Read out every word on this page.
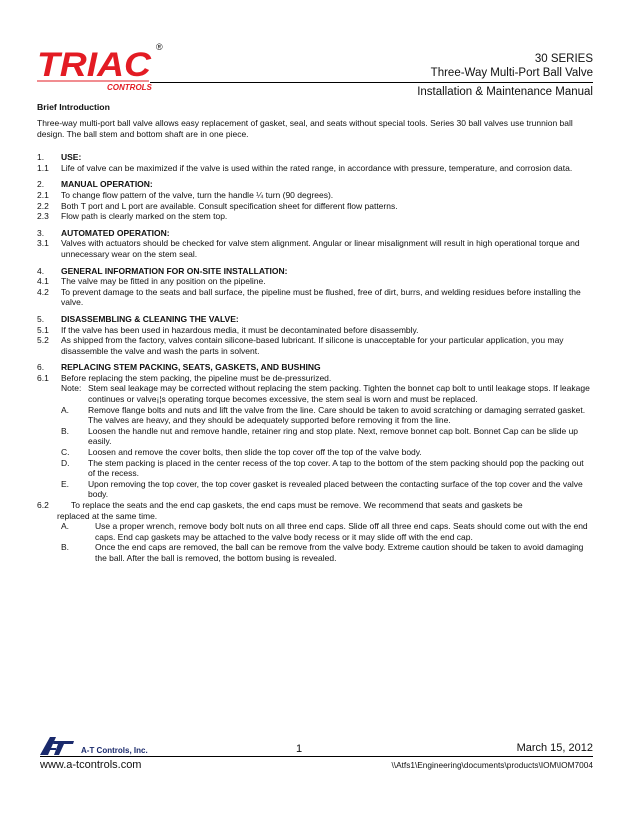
TRIAC ®
CONTROLS
30 SERIES
Three-Way Multi-Port Ball Valve
Installation & Maintenance Manual
Brief Introduction

Three-way multi-port ball valve allows easy replacement of gasket, seal, and seats without special tools. Series 30 ball valves use trunnion ball design. The ball stem and bottom shaft are in one piece.

1.	USE:
1.1	Life of valve can be maximized if the valve is used within the rated range, in accordance with pressure, temperature, and corrosion data.
2.	MANUAL OPERATION:
2.1	To change flow pattern of the valve, turn the handle ¼ turn (90 degrees).
2.2	Both T port and L port are available. Consult specification sheet for different flow patterns.
2.3	Flow path is clearly marked on the stem top.
3.	AUTOMATED OPERATION:
3.1	Valves with actuators should be checked for valve stem alignment. Angular or linear misalignment will result in high operational torque and unnecessary wear on the stem seal.
4.	GENERAL INFORMATION FOR ON-SITE INSTALLATION:
4.1	The valve may be fitted in any position on the pipeline.
4.2	To prevent damage to the seats and ball surface, the pipeline must be flushed, free of dirt, burrs, and welding residues before installing the valve.
5.	DISASSEMBLING & CLEANING THE VALVE:
5.1	If the valve has been used in hazardous media, it must be decontaminated before disassembly.
5.2	As shipped from the factory, valves contain silicone-based lubricant. If silicone is unacceptable for your particular application, you may disassemble the valve and wash the parts in solvent.
6.	REPLACING STEM PACKING, SEATS, GASKETS, AND BUSHING
6.1	Before replacing the stem packing, the pipeline must be de-pressurized.
Note: Stem seal leakage may be corrected without replacing the stem packing. Tighten the bonnet cap bolt to until leakage stops. If leakage continues or valve¡¦s operating torque becomes excessive, the stem seal is worn and must be replaced.
A.	Remove flange bolts and nuts and lift the valve from the line. Care should be taken to avoid scratching or damaging serrated gasket. The valves are heavy, and they should be adequately supported before removing it from the line.
B.	Loosen the handle nut and remove handle, retainer ring and stop plate. Next, remove bonnet cap bolt. Bonnet Cap can be slide up easily.
C.	Loosen and remove the cover bolts, then slide the top cover off the top of the valve body.
D.	The stem packing is placed in the center recess of the top cover. A tap to the bottom of the stem packing should pop the packing out of the recess.
E.	Upon removing the top cover, the top cover gasket is revealed placed between the contacting surface of the top cover and the valve body.
6.2	To replace the seats and the end cap gaskets, the end caps must be remove. We recommend that seats and gaskets be
replaced at the same time.
A.	Use a proper wrench, remove body bolt nuts on all three end caps. Slide off all three end caps. Seats should come out with the end caps. End cap gaskets may be attached to the valve body recess or it may slide off with the end cap.
B.	Once the end caps are removed, the ball can be remove from the valve body. Extreme caution should be taken to avoid damaging the ball. After the ball is removed, the bottom busing is revealed.
A-T Controls, Inc.	1	March 15, 2012
www.a-tcontrols.com	\\Atfs1\Engineering\documents\products\IOM\IOM7004
